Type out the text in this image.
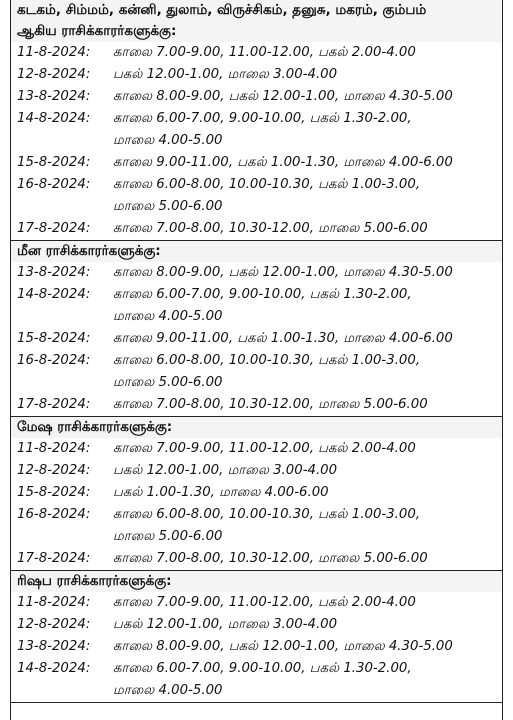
கடகம், சிம்மம், கன்னி, துலாம், விருச்சிகம், தனுசு, மகரம், கும்பம்
ஆகிய ராசிக்காரர்களுக்கு:
11-8-2024:	காலை 7.00-9.00, 11.00-12.00, பகல் 2.00-4.00
12-8-2024:	பகல் 12.00-1.00, மாலை 3.00-4.00
13-8-2024:	காலை 8.00-9.00, பகல் 12.00-1.00, மாலை 4.30-5.00
14-8-2024:	காலை 6.00-7.00, 9.00-10.00, பகல் 1.30-2.00,
மாலை 4.00-5.00
15-8-2024:	காலை 9.00-11.00, பகல் 1.00-1.30, மாலை 4.00-6.00
16-8-2024:	காலை 6.00-8.00, 10.00-10.30, பகல் 1.00-3.00,
மாலை 5.00-6.00
17-8-2024:	காலை 7.00-8.00, 10.30-12.00, மாலை 5.00-6.00
மீன ராசிக்காரர்களுக்கு:
13-8-2024:	காலை 8.00-9.00, பகல் 12.00-1.00, மாலை 4.30-5.00
14-8-2024:	காலை 6.00-7.00, 9.00-10.00, பகல் 1.30-2.00,
மாலை 4.00-5.00
15-8-2024:	காலை 9.00-11.00, பகல் 1.00-1.30, மாலை 4.00-6.00
16-8-2024:	காலை 6.00-8.00, 10.00-10.30, பகல் 1.00-3.00,
மாலை 5.00-6.00
17-8-2024:	காலை 7.00-8.00, 10.30-12.00, மாலை 5.00-6.00
மேஷ ராசிக்காரர்களுக்கு:
11-8-2024:	காலை 7.00-9.00, 11.00-12.00, பகல் 2.00-4.00
12-8-2024:	பகல் 12.00-1.00, மாலை 3.00-4.00
15-8-2024:	பகல் 1.00-1.30, மாலை 4.00-6.00
16-8-2024:	காலை 6.00-8.00, 10.00-10.30, பகல் 1.00-3.00,
மாலை 5.00-6.00
17-8-2024:	காலை 7.00-8.00, 10.30-12.00, மாலை 5.00-6.00
ரிஷப ராசிக்காரர்களுக்கு:
11-8-2024:	காலை 7.00-9.00, 11.00-12.00, பகல் 2.00-4.00
12-8-2024:	பகல் 12.00-1.00, மாலை 3.00-4.00
13-8-2024:	காலை 8.00-9.00, பகல் 12.00-1.00, மாலை 4.30-5.00
14-8-2024:	காலை 6.00-7.00, 9.00-10.00, பகல் 1.30-2.00,
மாலை 4.00-5.00
